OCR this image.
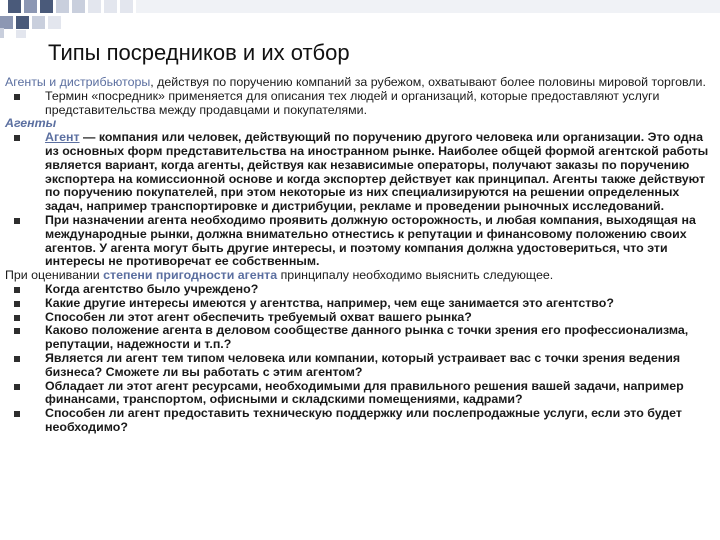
Типы посредников и их отбор

Агенты и дистрибьюторы, действуя по поручению компаний за рубежом, охватывают более половины мировой торговли.

Термин «посредник» применяется для описания тех людей и организаций, которые предоставляют услуги представительства между продавцами и покупателями.

Агенты

Агент — компания или человек, действующий по поручению другого человека или организации. Это одна из основных форм представительства на иностранном рынке. Наиболее общей формой агентской работы является вариант, когда агенты, действуя как независимые операторы, получают заказы по поручению экспортера на комиссионной основе и когда экспортер действует как принципал. Агенты также действуют по поручению покупателей, при этом некоторые из них специализируются на решении определенных задач, например транспортировке и дистрибуции, рекламе и проведении рыночных исследований.

При назначении агента необходимо проявить должную осторожность, и любая компания, выходящая на международные рынки, должна внимательно отнестись к репутации и финансовому положению своих агентов. У агента могут быть другие интересы, и поэтому компания должна удостовериться, что эти интересы не противоречат ее собственным.

При оценивании степени пригодности агента принципалу необходимо выяснить следующее.

Когда агентство было учреждено?

Какие другие интересы имеются у агентства, например, чем еще занимается это агентство?

Способен ли этот агент обеспечить требуемый охват вашего рынка?

Каково положение агента в деловом сообществе данного рынка с точки зрения его профессионализма, репутации, надежности и т.п.?

Является ли агент тем типом человека или компании, который устраивает вас с точки зрения ведения бизнеса? Сможете ли вы работать с этим агентом?

Обладает ли этот агент ресурсами, необходимыми для правильного решения вашей задачи, например финансами, транспортом, офисными и складскими помещениями, кадрами?

Способен ли агент предоставить техническую поддержку или послепродажные услуги, если это будет необходимо?
